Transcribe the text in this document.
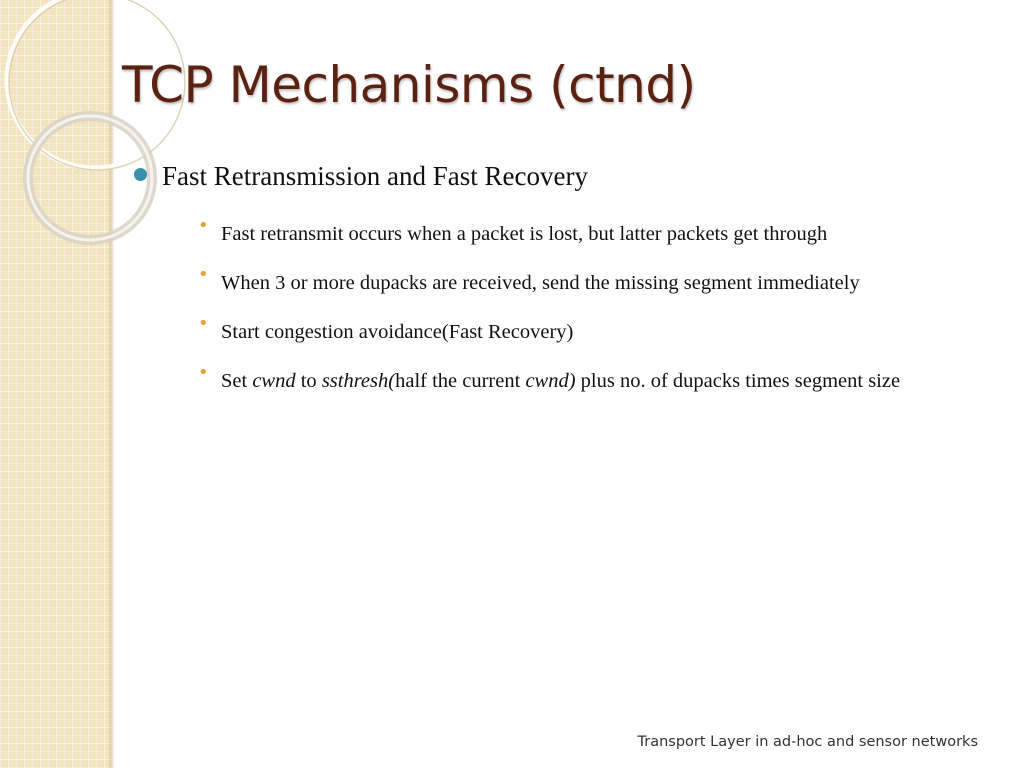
TCP Mechanisms (ctnd)
Fast Retransmission and Fast Recovery
• Fast retransmit occurs when a packet is lost, but latter packets get through
• When 3 or more dupacks are received, send the missing segment immediately
• Start congestion avoidance(Fast Recovery)
• Set cwnd to ssthresh(half the current cwnd) plus no. of dupacks times segment size
Transport Layer in ad-hoc and sensor networks
